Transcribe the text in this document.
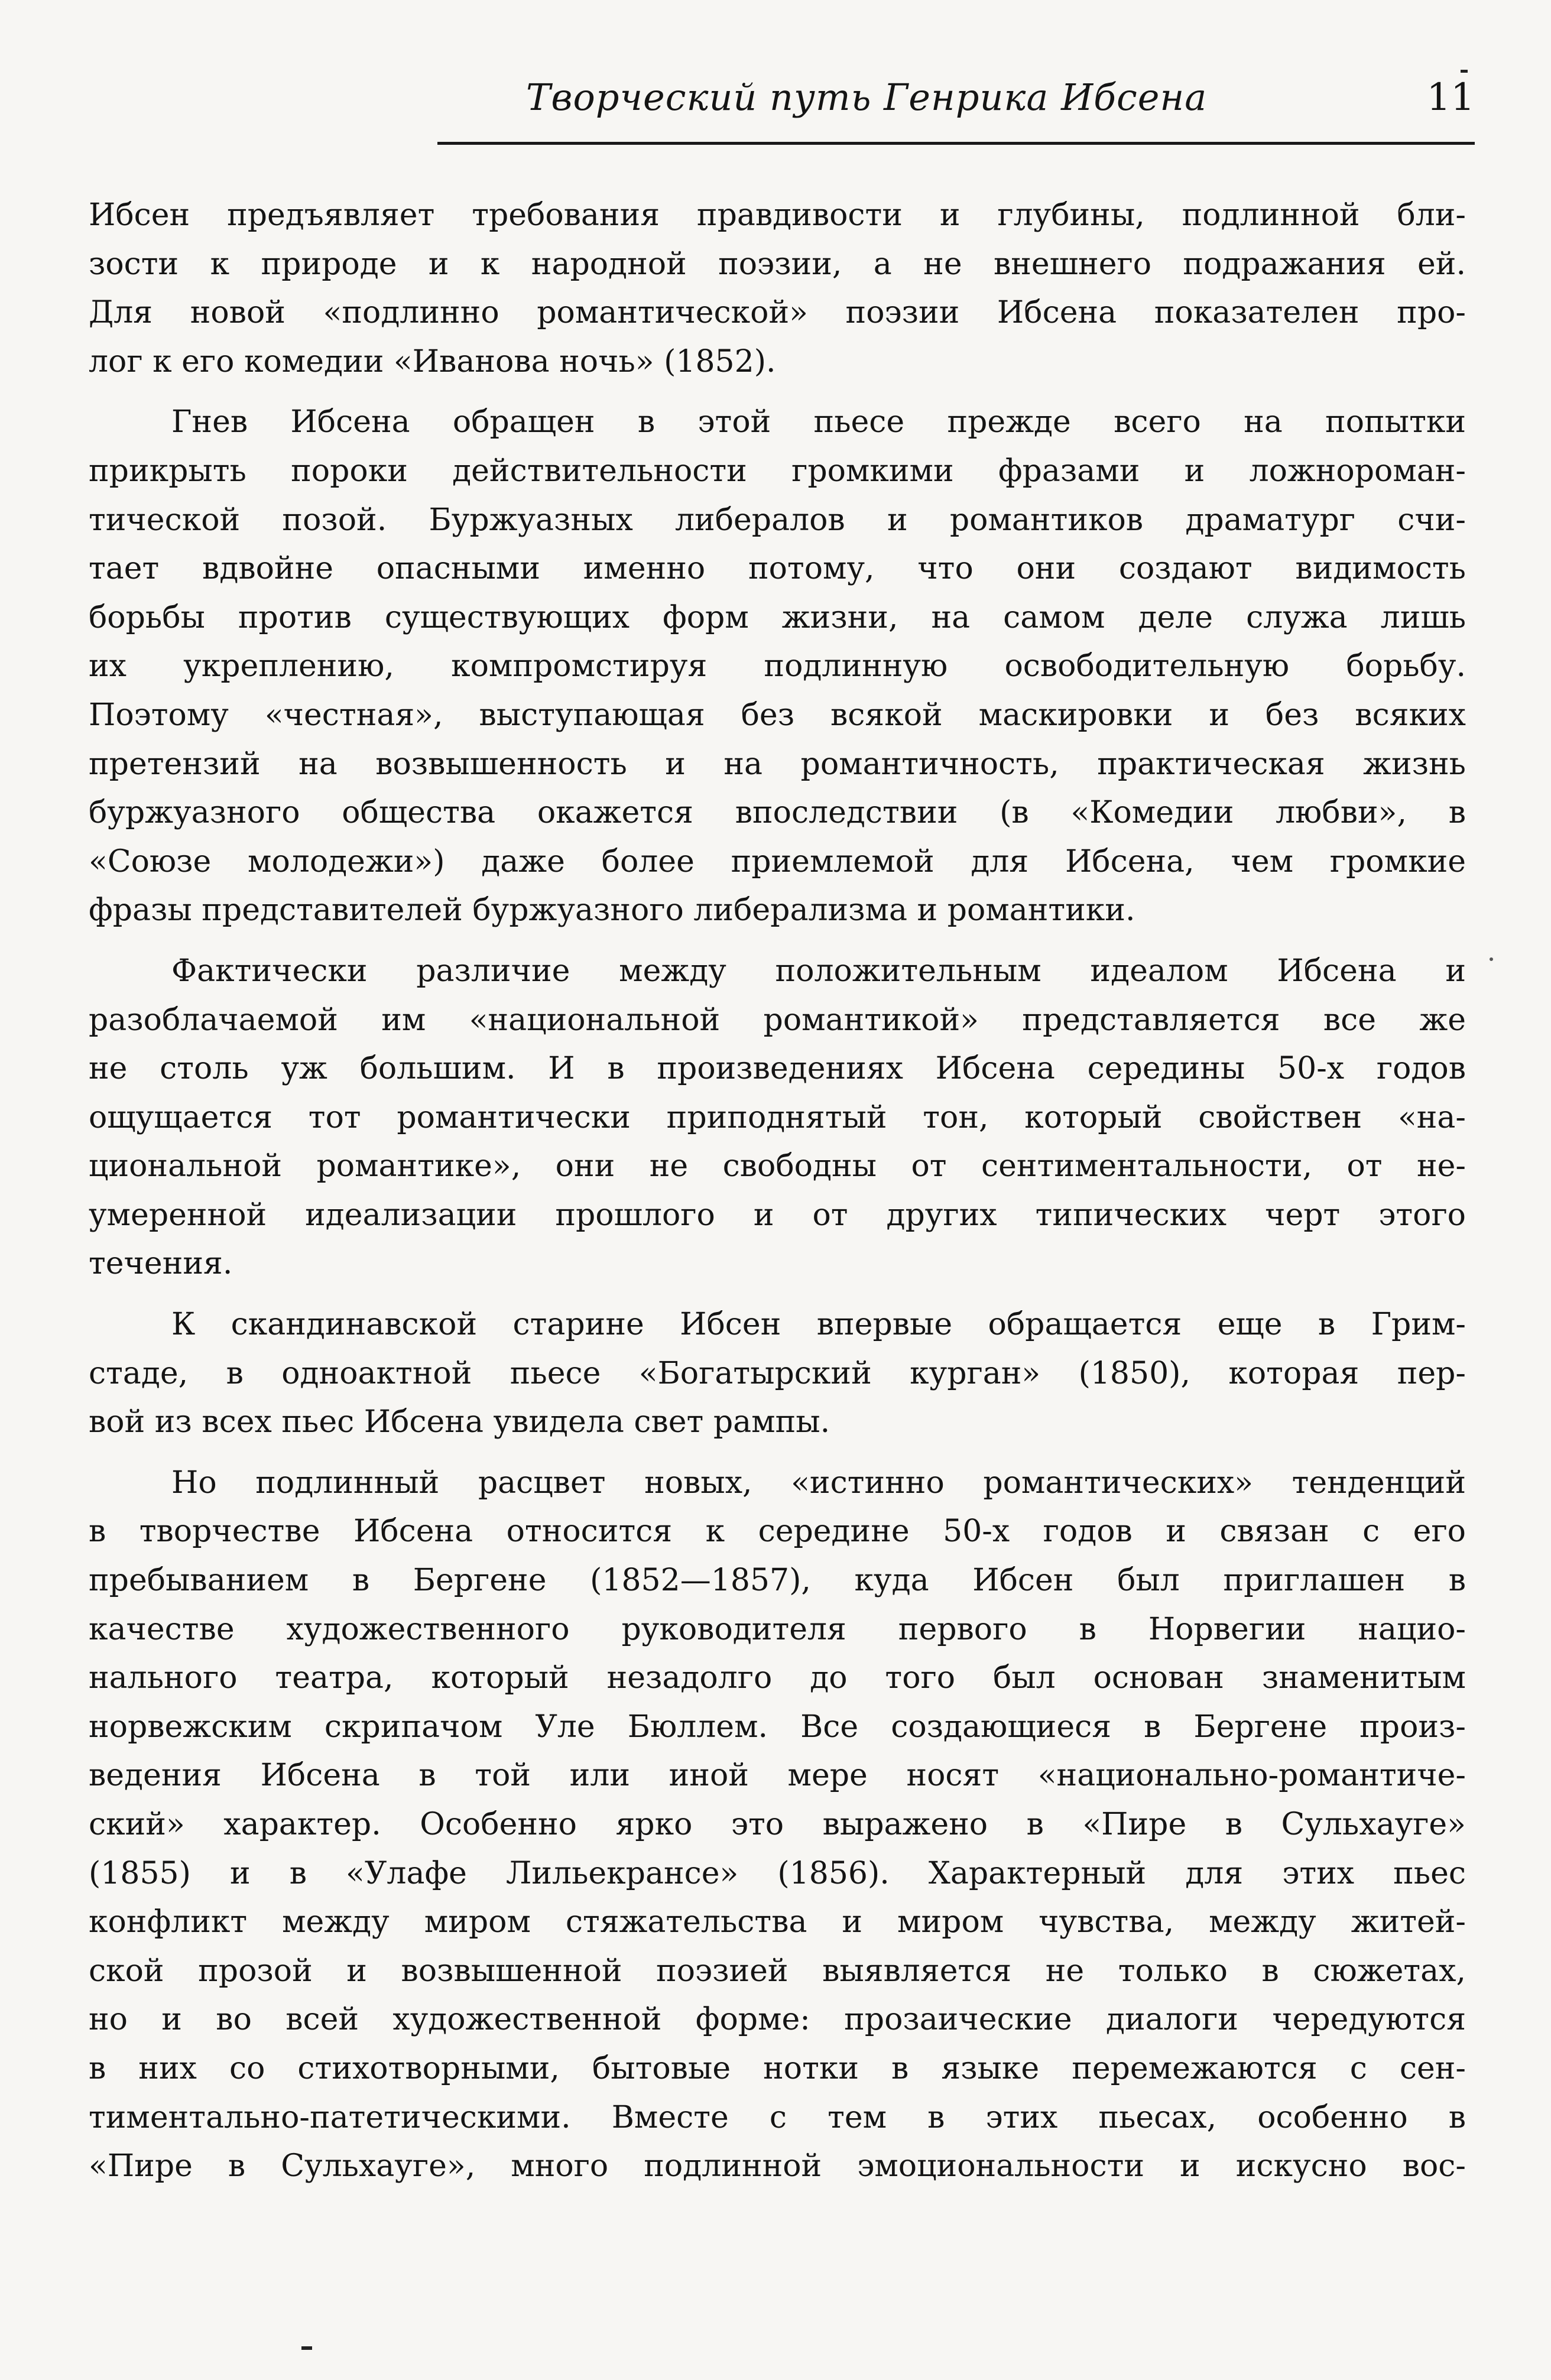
Творческий путь Генрика Ибсена	11
Ибсен предъявляет требования правдивости и глубины, подлинной бли-
зости к природе и к народной поэзии, а не внешнего подражания ей.
Для новой «подлинно романтической» поэзии Ибсена показателен про-
лог к его комедии «Иванова ночь» (1852).
Гнев Ибсена обращен в этой пьесе прежде всего на попытки
прикрыть пороки действительности громкими фразами и ложнороман-
тической позой. Буржуазных либералов и романтиков драматург счи-
тает вдвойне опасными именно потому, что они создают видимость
борьбы против существующих форм жизни, на самом деле служа лишь
их укреплению, компромстируя подлинную освободительную борьбу.
Поэтому «честная», выступающая без всякой маскировки и без всяких
претензий на возвышенность и на романтичность, практическая жизнь
буржуазного общества окажется впоследствии (в «Комедии любви», в
«Союзе молодежи») даже более приемлемой для Ибсена, чем громкие
фразы представителей буржуазного либерализма и романтики.
Фактически различие между положительным идеалом Ибсена и
разоблачаемой им «национальной романтикой» представляется все же
не столь уж большим. И в произведениях Ибсена середины 50-х годов
ощущается тот романтически приподнятый тон, который свойствен «на-
циональной романтике», они не свободны от сентиментальности, от не-
умеренной идеализации прошлого и от других типических черт этого
течения.
К скандинавской старине Ибсен впервые обращается еще в Грим-
стаде, в одноактной пьесе «Богатырский курган» (1850), которая пер-
вой из всех пьес Ибсена увидела свет рампы.
Но подлинный расцвет новых, «истинно романтических» тенденций
в творчестве Ибсена относится к середине 50-х годов и связан с его
пребыванием в Бергене (1852—1857), куда Ибсен был приглашен в
качестве художественного руководителя первого в Норвегии нацио-
нального театра, который незадолго до того был основан знаменитым
норвежским скрипачом Уле Бюллем. Все создающиеся в Бергене произ-
ведения Ибсена в той или иной мере носят «национально-романтиче-
ский» характер. Особенно ярко это выражено в «Пире в Сульхауге»
(1855) и в «Улафе Лильекрансе» (1856). Характерный для этих пьес
конфликт между миром стяжательства и миром чувства, между житей-
ской прозой и возвышенной поэзией выявляется не только в сюжетах,
но и во всей художественной форме: прозаические диалоги чередуются
в них со стихотворными, бытовые нотки в языке перемежаются с сен-
тиментально-патетическими. Вместе с тем в этих пьесах, особенно в
«Пире в Сульхауге», много подлинной эмоциональности и искусно вос-
